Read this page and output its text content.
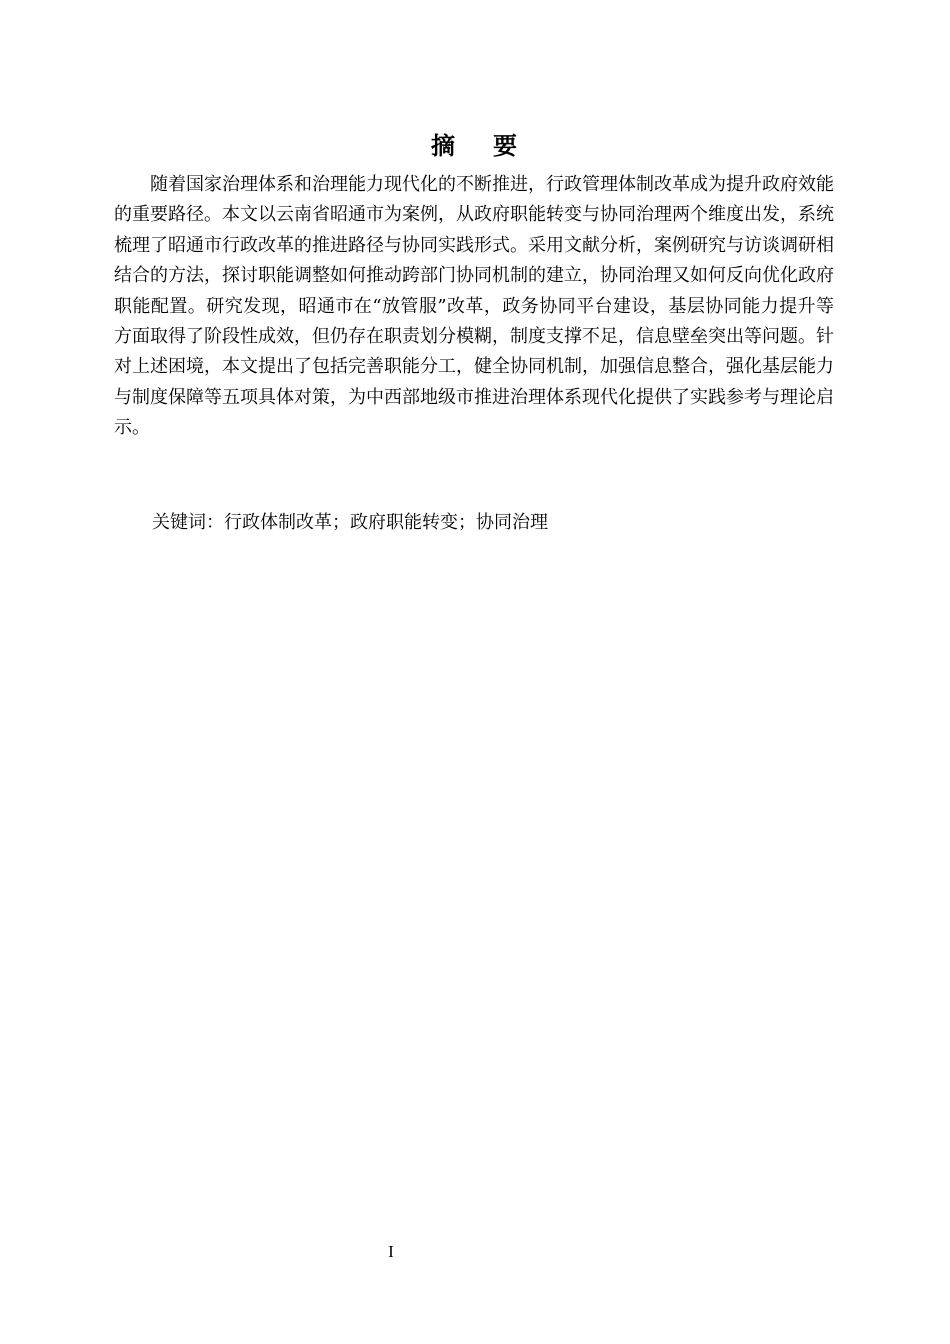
摘 要

随着国家治理体系和治理能力现代化的不断推进，行政管理体制改革成为提升政府效能的重要路径。本文以云南省昭通市为案例，从政府职能转变与协同治理两个维度出发，系统梳理了昭通市行政改革的推进路径与协同实践形式。采用文献分析，案例研究与访谈调研相结合的方法，探讨职能调整如何推动跨部门协同机制的建立，协同治理又如何反向优化政府职能配置。研究发现，昭通市在“放管服”改革，政务协同平台建设，基层协同能力提升等方面取得了阶段性成效，但仍存在职责划分模糊，制度支撑不足，信息壁垒突出等问题。针对上述困境，本文提出了包括完善职能分工，健全协同机制，加强信息整合，强化基层能力与制度保障等五项具体对策，为中西部地级市推进治理体系现代化提供了实践参考与理论启示。

关键词：行政体制改革；政府职能转变；协同治理

I
